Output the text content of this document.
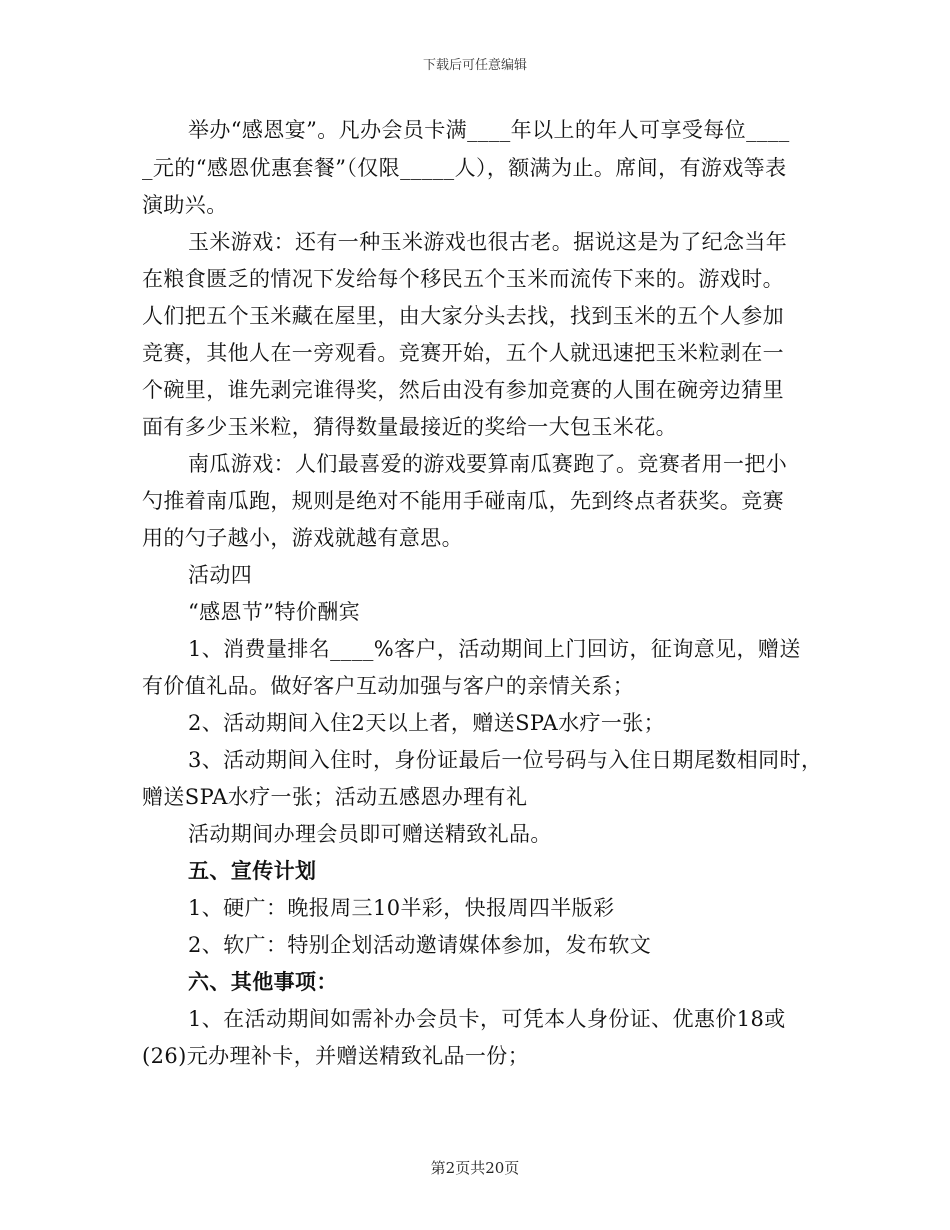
下载后可任意编辑
举办“感恩宴”。凡办会员卡满____年以上的年人可享受每位____
_元的“感恩优惠套餐”（仅限_____人），额满为止。席间，有游戏等表
演助兴。
玉米游戏：还有一种玉米游戏也很古老。据说这是为了纪念当年
在粮食匮乏的情况下发给每个移民五个玉米而流传下来的。游戏时。
人们把五个玉米藏在屋里，由大家分头去找，找到玉米的五个人参加
竞赛，其他人在一旁观看。竞赛开始，五个人就迅速把玉米粒剥在一
个碗里，谁先剥完谁得奖，然后由没有参加竞赛的人围在碗旁边猜里
面有多少玉米粒，猜得数量最接近的奖给一大包玉米花。
南瓜游戏：人们最喜爱的游戏要算南瓜赛跑了。竞赛者用一把小
勺推着南瓜跑，规则是绝对不能用手碰南瓜，先到终点者获奖。竞赛
用的勺子越小，游戏就越有意思。
活动四
“感恩节”特价酬宾
1、消费量排名____%客户，活动期间上门回访，征询意见，赠送
有价值礼品。做好客户互动加强与客户的亲情关系；
2、活动期间入住2天以上者，赠送SPA水疗一张；
3、活动期间入住时，身份证最后一位号码与入住日期尾数相同时，
赠送SPA水疗一张；活动五感恩办理有礼
活动期间办理会员即可赠送精致礼品。
五、宣传计划
1、硬广：晚报周三10半彩，快报周四半版彩
2、软广：特别企划活动邀请媒体参加，发布软文
六、其他事项：
1、在活动期间如需补办会员卡，可凭本人身份证、优惠价18或
(26)元办理补卡，并赠送精致礼品一份；
第2页共20页
